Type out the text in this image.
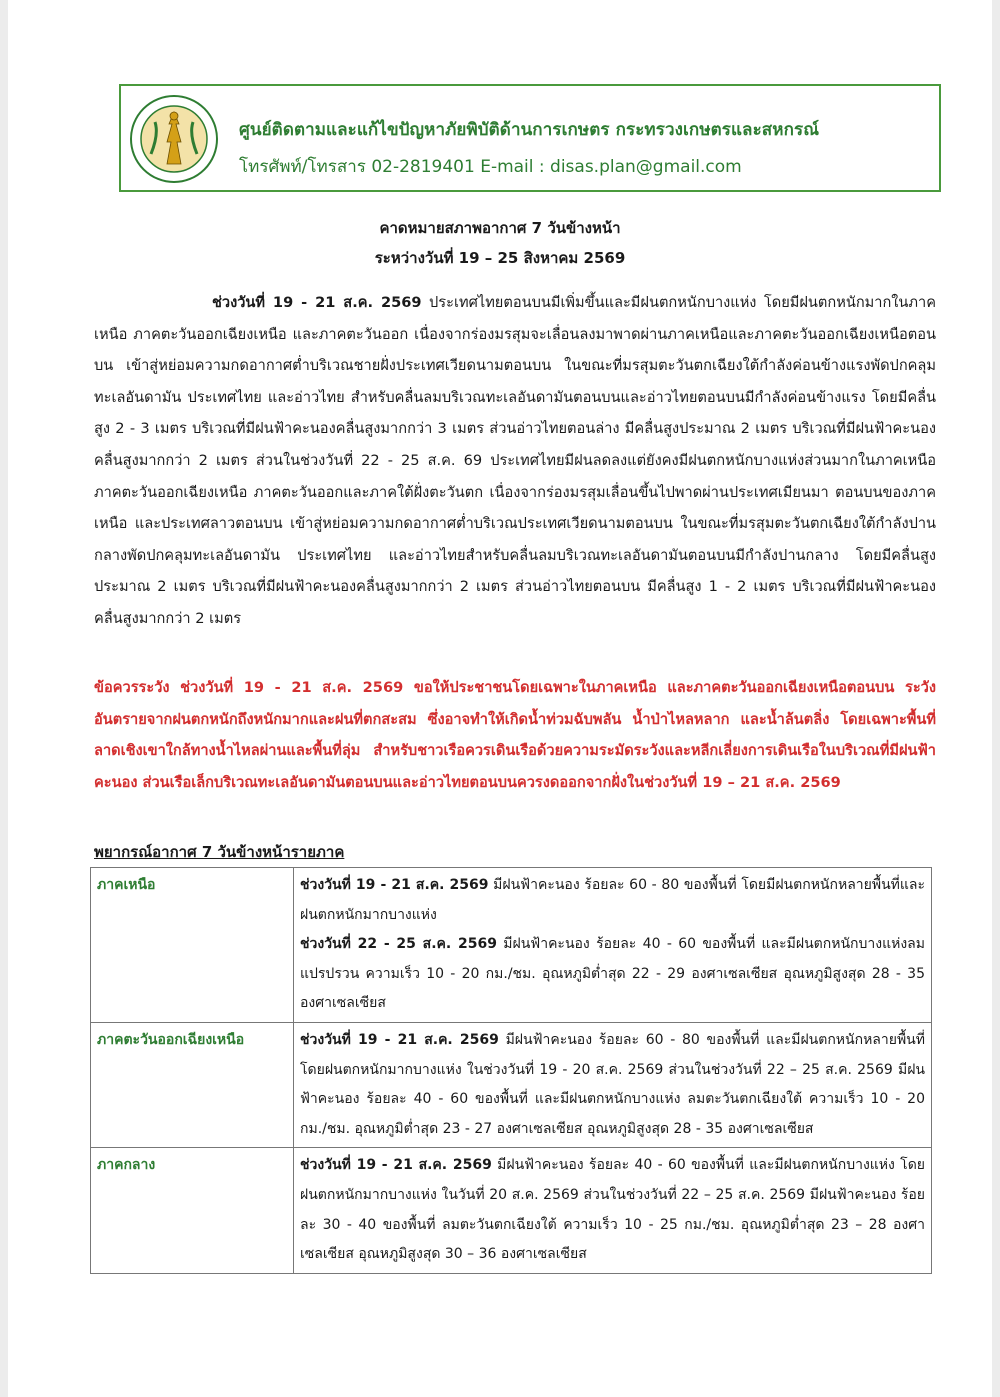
ศูนย์ติดตามและแก้ไขปัญหาภัยพิบัติด้านการเกษตร กระทรวงเกษตรและสหกรณ์
โทรศัพท์/โทรสาร 02-2819401 E-mail : disas.plan@gmail.com
คาดหมายสภาพอากาศ 7 วันข้างหน้า
ระหว่างวันที่ 19 – 25 สิงหาคม 2569
ช่วงวันที่ 19 - 21 ส.ค. 2569 ประเทศไทยตอนบนมีเพิ่มขึ้นและมีฝนตกหนักบางแห่ง โดยมีฝนตกหนักมากในภาคเหนือ ภาคตะวันออกเฉียงเหนือ และภาคตะวันออก เนื่องจากร่องมรสุมจะเลื่อนลงมาพาดผ่านภาคเหนือและภาคตะวันออกเฉียงเหนือตอนบน เข้าสู่หย่อมความกดอากาศต่ำบริเวณชายฝั่งประเทศเวียดนามตอนบน ในขณะที่มรสุมตะวันตกเฉียงใต้กำลังค่อนข้างแรงพัดปกคลุมทะเลอันดามัน ประเทศไทย และอ่าวไทย สำหรับคลื่นลมบริเวณทะเลอันดามันตอนบนและอ่าวไทยตอนบนมีกำลังค่อนข้างแรง โดยมีคลื่นสูง 2 - 3 เมตร บริเวณที่มีฝนฟ้าคะนองคลื่นสูงมากกว่า 3 เมตร ส่วนอ่าวไทยตอนล่าง มีคลื่นสูงประมาณ 2 เมตร บริเวณที่มีฝนฟ้าคะนองคลื่นสูงมากกว่า 2 เมตร ส่วนในช่วงวันที่ 22 - 25 ส.ค. 69 ประเทศไทยมีฝนลดลงแต่ยังคงมีฝนตกหนักบางแห่งส่วนมากในภาคเหนือ ภาคตะวันออกเฉียงเหนือ ภาคตะวันออกและภาคใต้ฝั่งตะวันตก เนื่องจากร่องมรสุมเลื่อนขึ้นไปพาดผ่านประเทศเมียนมา ตอนบนของภาคเหนือ และประเทศลาวตอนบน เข้าสู่หย่อมความกดอากาศต่ำบริเวณประเทศเวียดนามตอนบน ในขณะที่มรสุมตะวันตกเฉียงใต้กำลังปานกลางพัดปกคลุมทะเลอันดามัน ประเทศไทย และอ่าวไทยสำหรับคลื่นลมบริเวณทะเลอันดามันตอนบนมีกำลังปานกลาง โดยมีคลื่นสูงประมาณ 2 เมตร บริเวณที่มีฝนฟ้าคะนองคลื่นสูงมากกว่า 2 เมตร ส่วนอ่าวไทยตอนบน มีคลื่นสูง 1 - 2 เมตร บริเวณที่มีฝนฟ้าคะนองคลื่นสูงมากกว่า 2 เมตร
ข้อควรระวัง ช่วงวันที่ 19 - 21 ส.ค. 2569 ขอให้ประชาชนโดยเฉพาะในภาคเหนือ และภาคตะวันออกเฉียงเหนือตอนบน ระวังอันตรายจากฝนตกหนักถึงหนักมากและฝนที่ตกสะสม ซึ่งอาจทำให้เกิดน้ำท่วมฉับพลัน น้ำป่าไหลหลาก และน้ำล้นตลิ่ง โดยเฉพาะพื้นที่ลาดเชิงเขาใกล้ทางน้ำไหลผ่านและพื้นที่ลุ่ม สำหรับชาวเรือควรเดินเรือด้วยความระมัดระวังและหลีกเลี่ยงการเดินเรือในบริเวณที่มีฝนฟ้าคะนอง ส่วนเรือเล็กบริเวณทะเลอันดามันตอนบนและอ่าวไทยตอนบนควรงดออกจากฝั่งในช่วงวันที่ 19 – 21 ส.ค. 2569
พยากรณ์อากาศ 7 วันข้างหน้ารายภาค
ภาคเหนือ	ช่วงวันที่ 19 - 21 ส.ค. 2569 มีฝนฟ้าคะนอง ร้อยละ 60 - 80 ของพื้นที่ โดยมีฝนตกหนักหลายพื้นที่และฝนตกหนักมากบางแห่ง
ช่วงวันที่ 22 - 25 ส.ค. 2569 มีฝนฟ้าคะนอง ร้อยละ 40 - 60 ของพื้นที่ และมีฝนตกหนักบางแห่งลมแปรปรวน ความเร็ว 10 - 20 กม./ชม. อุณหภูมิต่ำสุด 22 - 29 องศาเซลเซียส อุณหภูมิสูงสุด 28 - 35 องศาเซลเซียส
ภาคตะวันออกเฉียงเหนือ	ช่วงวันที่ 19 - 21 ส.ค. 2569 มีฝนฟ้าคะนอง ร้อยละ 60 - 80 ของพื้นที่ และมีฝนตกหนักหลายพื้นที่ โดยฝนตกหนักมากบางแห่ง ในช่วงวันที่ 19 - 20 ส.ค. 2569 ส่วนในช่วงวันที่ 22 – 25 ส.ค. 2569 มีฝนฟ้าคะนอง ร้อยละ 40 - 60 ของพื้นที่ และมีฝนตกหนักบางแห่ง ลมตะวันตกเฉียงใต้ ความเร็ว 10 - 20 กม./ชม. อุณหภูมิต่ำสุด 23 - 27 องศาเซลเซียส อุณหภูมิสูงสุด 28 - 35 องศาเซลเซียส
ภาคกลาง	ช่วงวันที่ 19 - 21 ส.ค. 2569 มีฝนฟ้าคะนอง ร้อยละ 40 - 60 ของพื้นที่ และมีฝนตกหนักบางแห่ง โดยฝนตกหนักมากบางแห่ง ในวันที่ 20 ส.ค. 2569 ส่วนในช่วงวันที่ 22 – 25 ส.ค. 2569 มีฝนฟ้าคะนอง ร้อยละ 30 - 40 ของพื้นที่ ลมตะวันตกเฉียงใต้ ความเร็ว 10 - 25 กม./ชม. อุณหภูมิต่ำสุด 23 – 28 องศาเซลเซียส อุณหภูมิสูงสุด 30 – 36 องศาเซลเซียส
